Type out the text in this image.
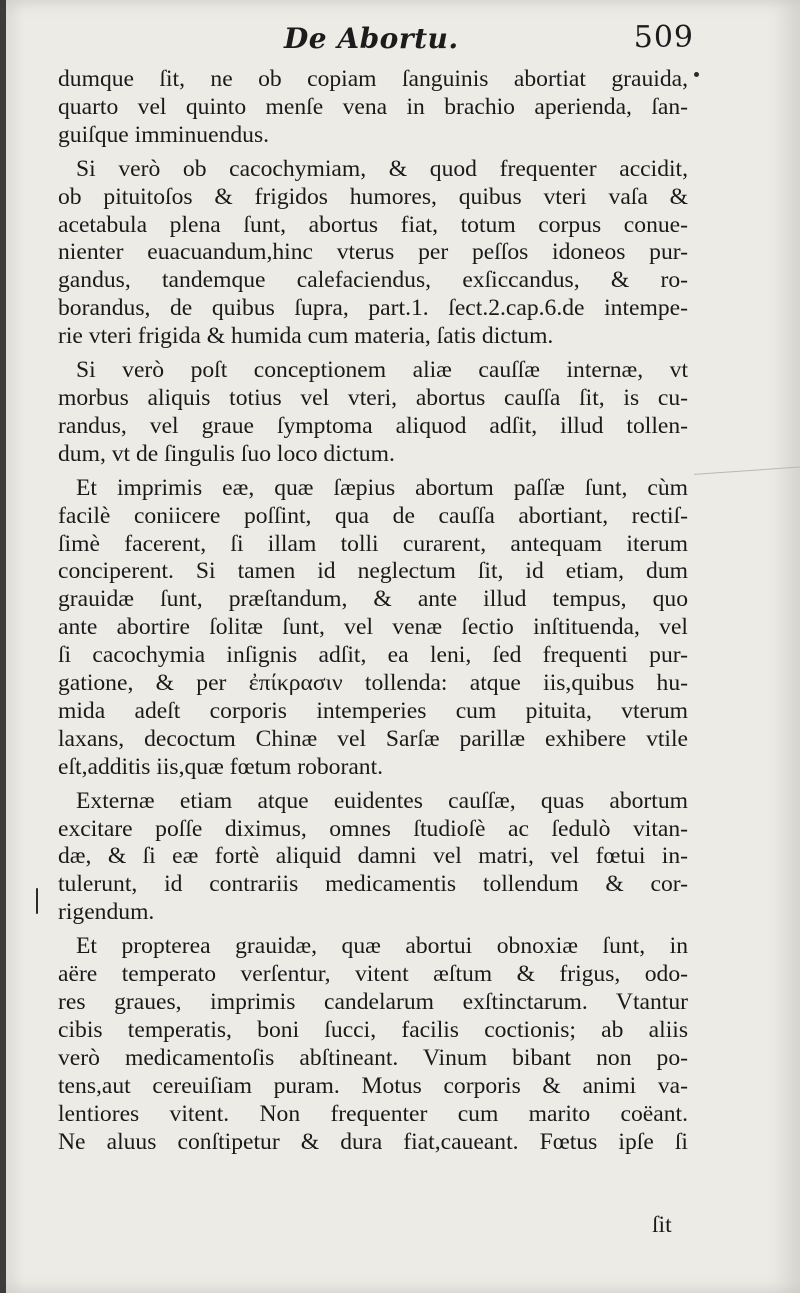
De Abortu.	509
dumque ſit, ne ob copiam ſanguinis abortiat grauida,
quarto vel quinto menſe vena in brachio aperienda, ſan-
guiſque imminuendus.
Si verò ob cacochymiam, & quod frequenter accidit,
ob pituitoſos & frigidos humores, quibus vteri vaſa &
acetabula plena ſunt, abortus fiat, totum corpus conue-
nienter euacuandum,hinc vterus per peſſos idoneos pur-
gandus, tandemque calefaciendus, exſiccandus, & ro-
borandus, de quibus ſupra, part.1. ſect.2.cap.6.de intempe-
rie vteri frigida & humida cum materia, ſatis dictum.
Si verò poſt conceptionem aliæ cauſſæ internæ, vt
morbus aliquis totius vel vteri, abortus cauſſa ſit, is cu-
randus, vel graue ſymptoma aliquod adſit, illud tollen-
dum, vt de ſingulis ſuo loco dictum.
Et imprimis eæ, quæ ſæpius abortum paſſæ ſunt, cùm
facilè coniicere poſſint, qua de cauſſa abortiant, rectiſ-
ſimè facerent, ſi illam tolli curarent, antequam iterum
conciperent. Si tamen id neglectum ſit, id etiam, dum
grauidæ ſunt, præſtandum, & ante illud tempus, quo
ante abortire ſolitæ ſunt, vel venæ ſectio inſtituenda, vel
ſi cacochymia inſignis adſit, ea leni, ſed frequenti pur-
gatione, & per ἐπίκρασιν tollenda: atque iis,quibus hu-
mida adeſt corporis intemperies cum pituita, vterum
laxans, decoctum Chinæ vel Sarſæ parillæ exhibere vtile
eſt,additis iis,quæ fœtum roborant.
Externæ etiam atque euidentes cauſſæ, quas abortum
excitare poſſe diximus, omnes ſtudioſè ac ſedulò vitan-
dæ, & ſi eæ fortè aliquid damni vel matri, vel fœtui in-
tulerunt, id contrariis medicamentis tollendum & cor-
rigendum.
Et propterea grauidæ, quæ abortui obnoxiæ ſunt, in
aëre temperato verſentur, vitent æſtum & frigus, odo-
res graues, imprimis candelarum exſtinctarum. Vtantur
cibis temperatis, boni ſucci, facilis coctionis; ab aliis
verò medicamentoſis abſtineant. Vinum bibant non po-
tens,aut cereuiſiam puram. Motus corporis & animi va-
lentiores vitent. Non frequenter cum marito coëant.
Ne aluus conſtipetur & dura fiat,caueant. Fœtus ipſe ſi
ſit
